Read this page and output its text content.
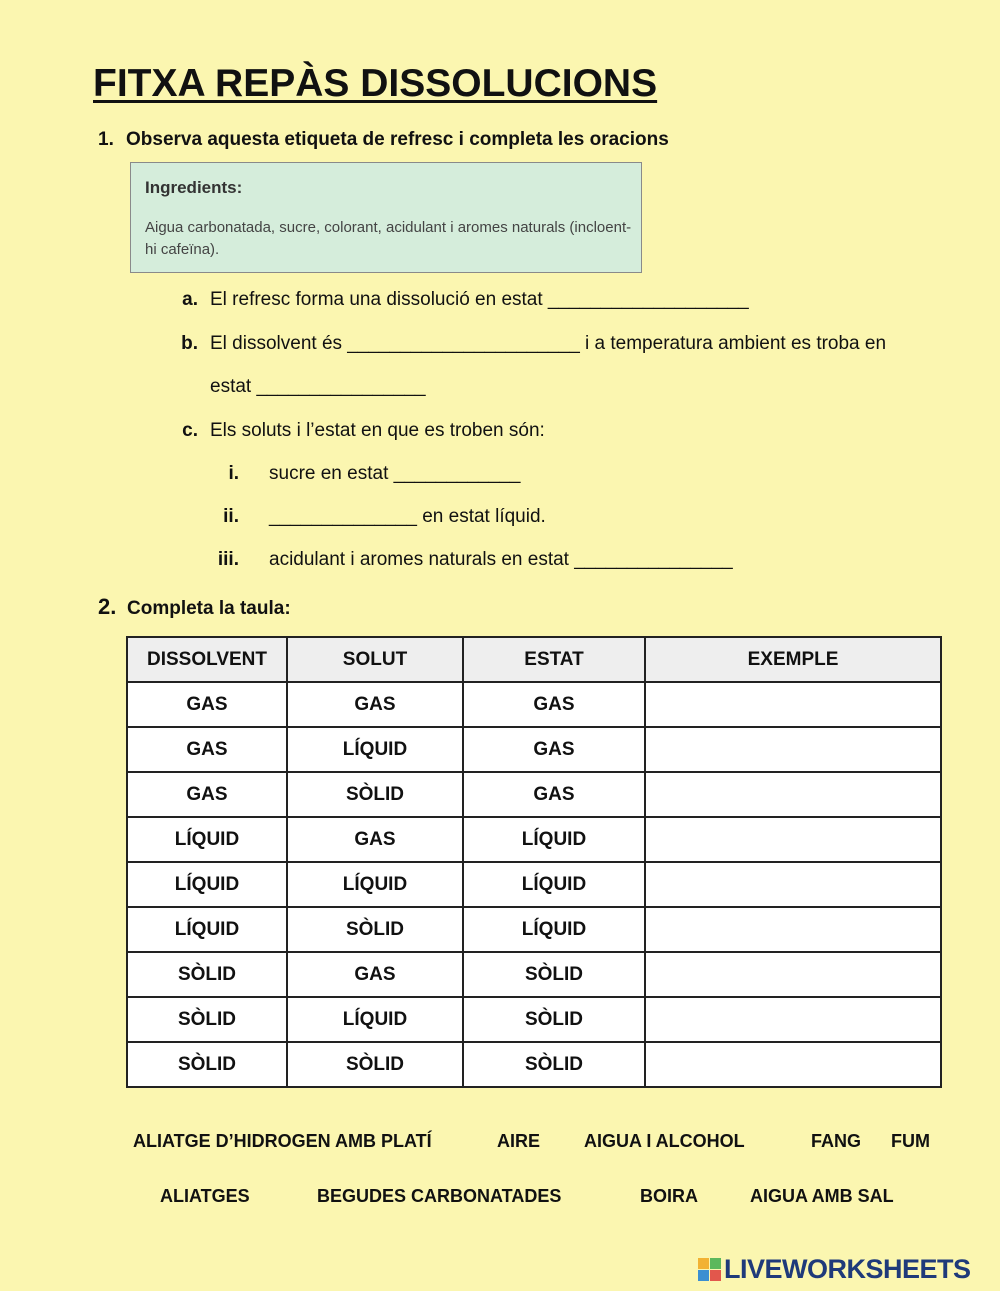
FITXA REPÀS DISSOLUCIONS
1. Observa aquesta etiqueta de refresc i completa les oracions
Ingredients:
Aigua carbonatada, sucre, colorant, acidulant i aromes naturals (incloent-hi cafeïna).
a. El refresc forma una dissolució en estat ___________________
b. El dissolvent és ______________________ i a temperatura ambient es troba en
estat ________________
c. Els soluts i l’estat en que es troben són:
i. sucre en estat ____________
ii. ______________ en estat líquid.
iii. acidulant i aromes naturals en estat _______________
2. Completa la taula:
DISSOLVENT	SOLUT	ESTAT	EXEMPLE
GAS	GAS	GAS	
GAS	LÍQUID	GAS	
GAS	SÒLID	GAS	
LÍQUID	GAS	LÍQUID	
LÍQUID	LÍQUID	LÍQUID	
LÍQUID	SÒLID	LÍQUID	
SÒLID	GAS	SÒLID	
SÒLID	LÍQUID	SÒLID	
SÒLID	SÒLID	SÒLID	
ALIATGE D’HIDROGEN AMB PLATÍ	AIRE AIGUA I ALCOHOL	FANG FUM
ALIATGES	BEGUDES CARBONATADES	BOIRA	AIGUA AMB SAL
LIVEWORKSHEETS
